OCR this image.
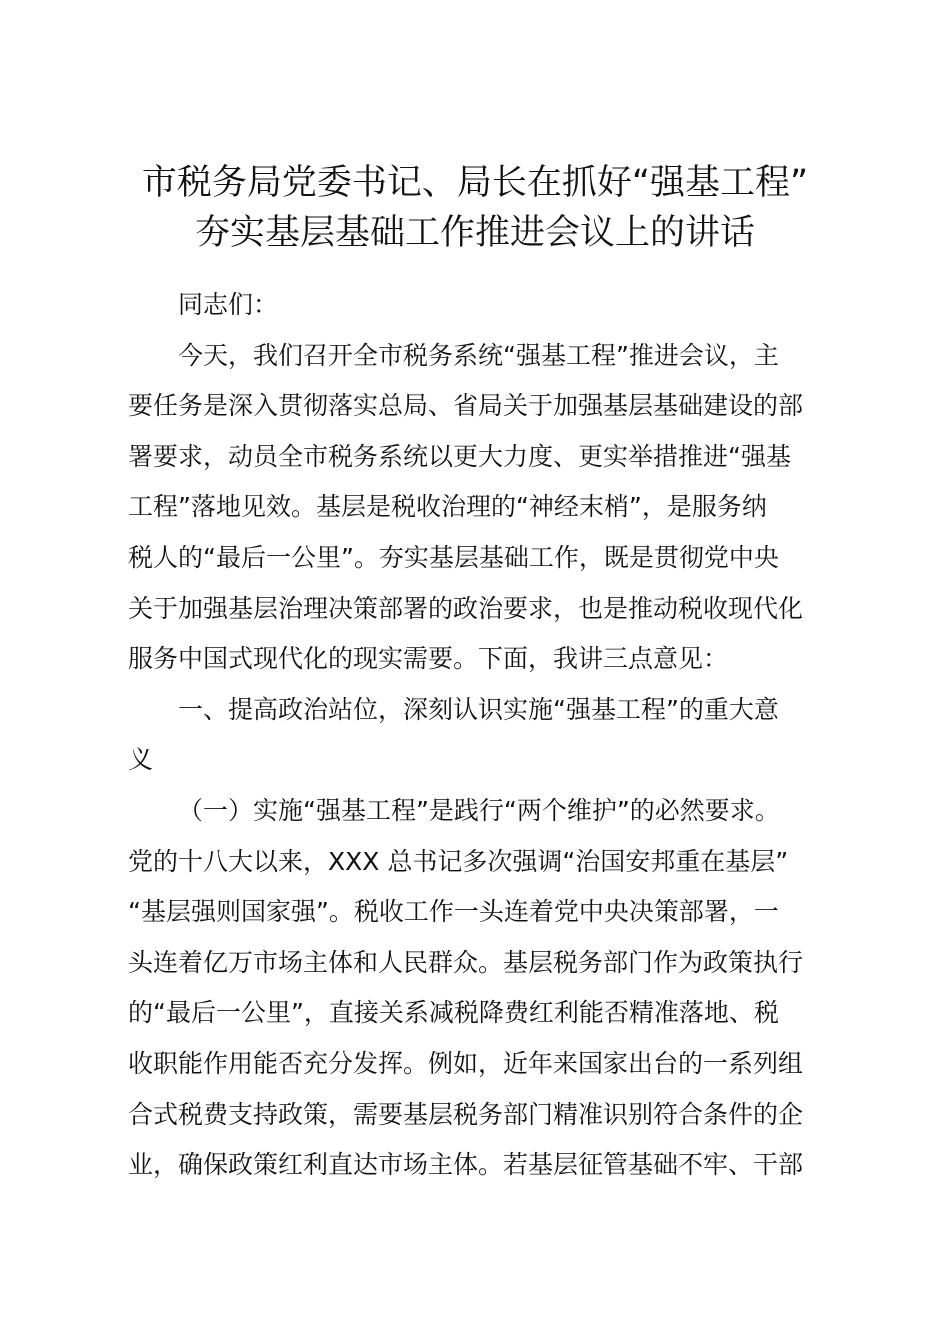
市税务局党委书记、局长在抓好“强基工程”
夯实基层基础工作推进会议上的讲话
同志们：
今天，我们召开全市税务系统“强基工程”推进会议，主
要任务是深入贯彻落实总局、省局关于加强基层基础建设的部
署要求，动员全市税务系统以更大力度、更实举措推进“强基
工程”落地见效。基层是税收治理的“神经末梢”，是服务纳
税人的“最后一公里”。夯实基层基础工作，既是贯彻党中央
关于加强基层治理决策部署的政治要求，也是推动税收现代化
服务中国式现代化的现实需要。下面，我讲三点意见：
一、提高政治站位，深刻认识实施“强基工程”的重大意
义
（一）实施“强基工程”是践行“两个维护”的必然要求。
党的十八大以来，XXX 总书记多次强调“治国安邦重在基层”
“基层强则国家强”。税收工作一头连着党中央决策部署，一
头连着亿万市场主体和人民群众。基层税务部门作为政策执行
的“最后一公里”，直接关系减税降费红利能否精准落地、税
收职能作用能否充分发挥。例如，近年来国家出台的一系列组
合式税费支持政策，需要基层税务部门精准识别符合条件的企
业，确保政策红利直达市场主体。若基层征管基础不牢、干部
